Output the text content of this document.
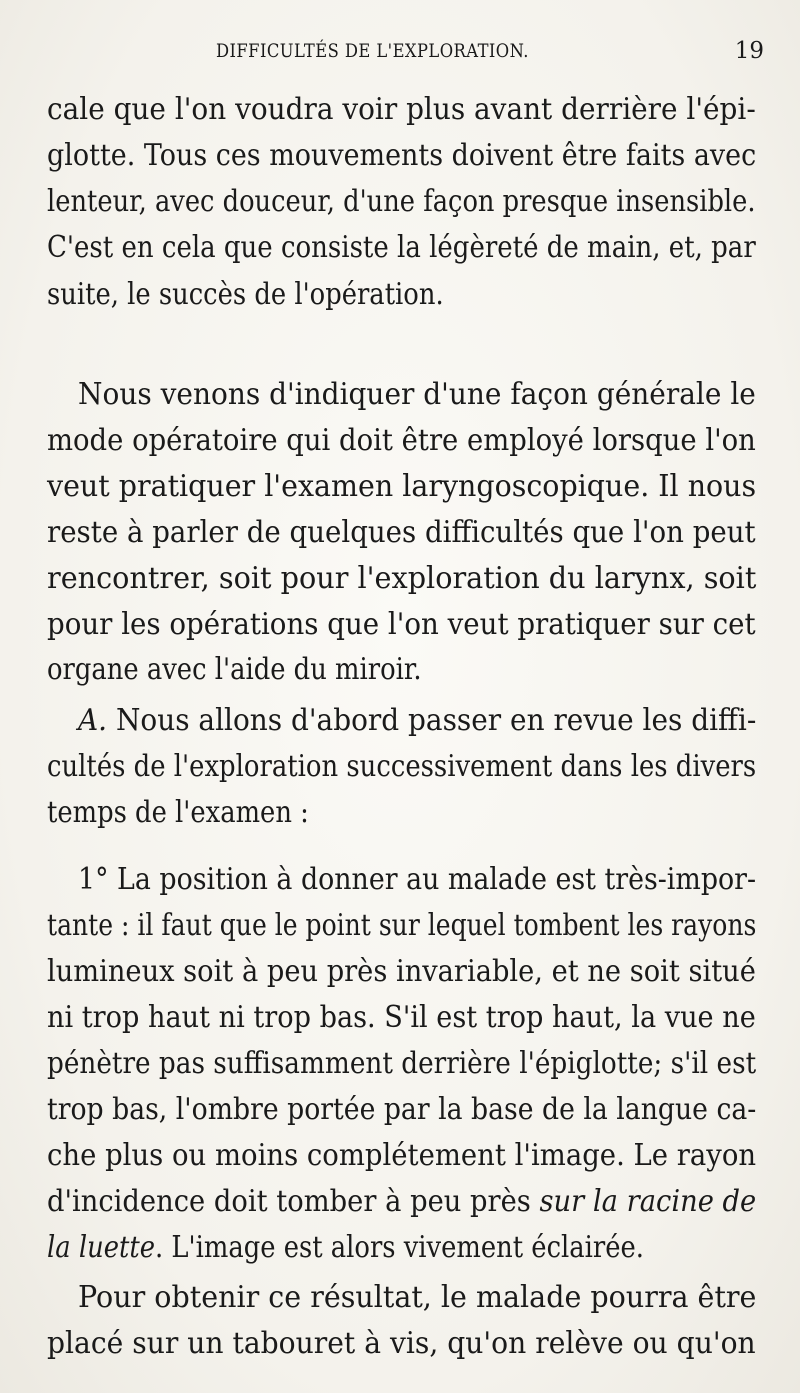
DIFFICULTÉS DE L'EXPLORATION.	19
cale que l'on voudra voir plus avant derrière l'épi-
glotte. Tous ces mouvements doivent être faits avec
lenteur, avec douceur, d'une façon presque insensible.
C'est en cela que consiste la légèreté de main, et, par
suite, le succès de l'opération.
Nous venons d'indiquer d'une façon générale le
mode opératoire qui doit être employé lorsque l'on
veut pratiquer l'examen laryngoscopique. Il nous
reste à parler de quelques difficultés que l'on peut
rencontrer, soit pour l'exploration du larynx, soit
pour les opérations que l'on veut pratiquer sur cet
organe avec l'aide du miroir.
A. Nous allons d'abord passer en revue les diffi-
cultés de l'exploration successivement dans les divers
temps de l'examen :
1° La position à donner au malade est très-impor-
tante : il faut que le point sur lequel tombent les rayons
lumineux soit à peu près invariable, et ne soit situé
ni trop haut ni trop bas. S'il est trop haut, la vue ne
pénètre pas suffisamment derrière l'épiglotte; s'il est
trop bas, l'ombre portée par la base de la langue ca-
che plus ou moins complétement l'image. Le rayon
d'incidence doit tomber à peu près sur la racine de
la luette. L'image est alors vivement éclairée.
Pour obtenir ce résultat, le malade pourra être
placé sur un tabouret à vis, qu'on relève ou qu'on
